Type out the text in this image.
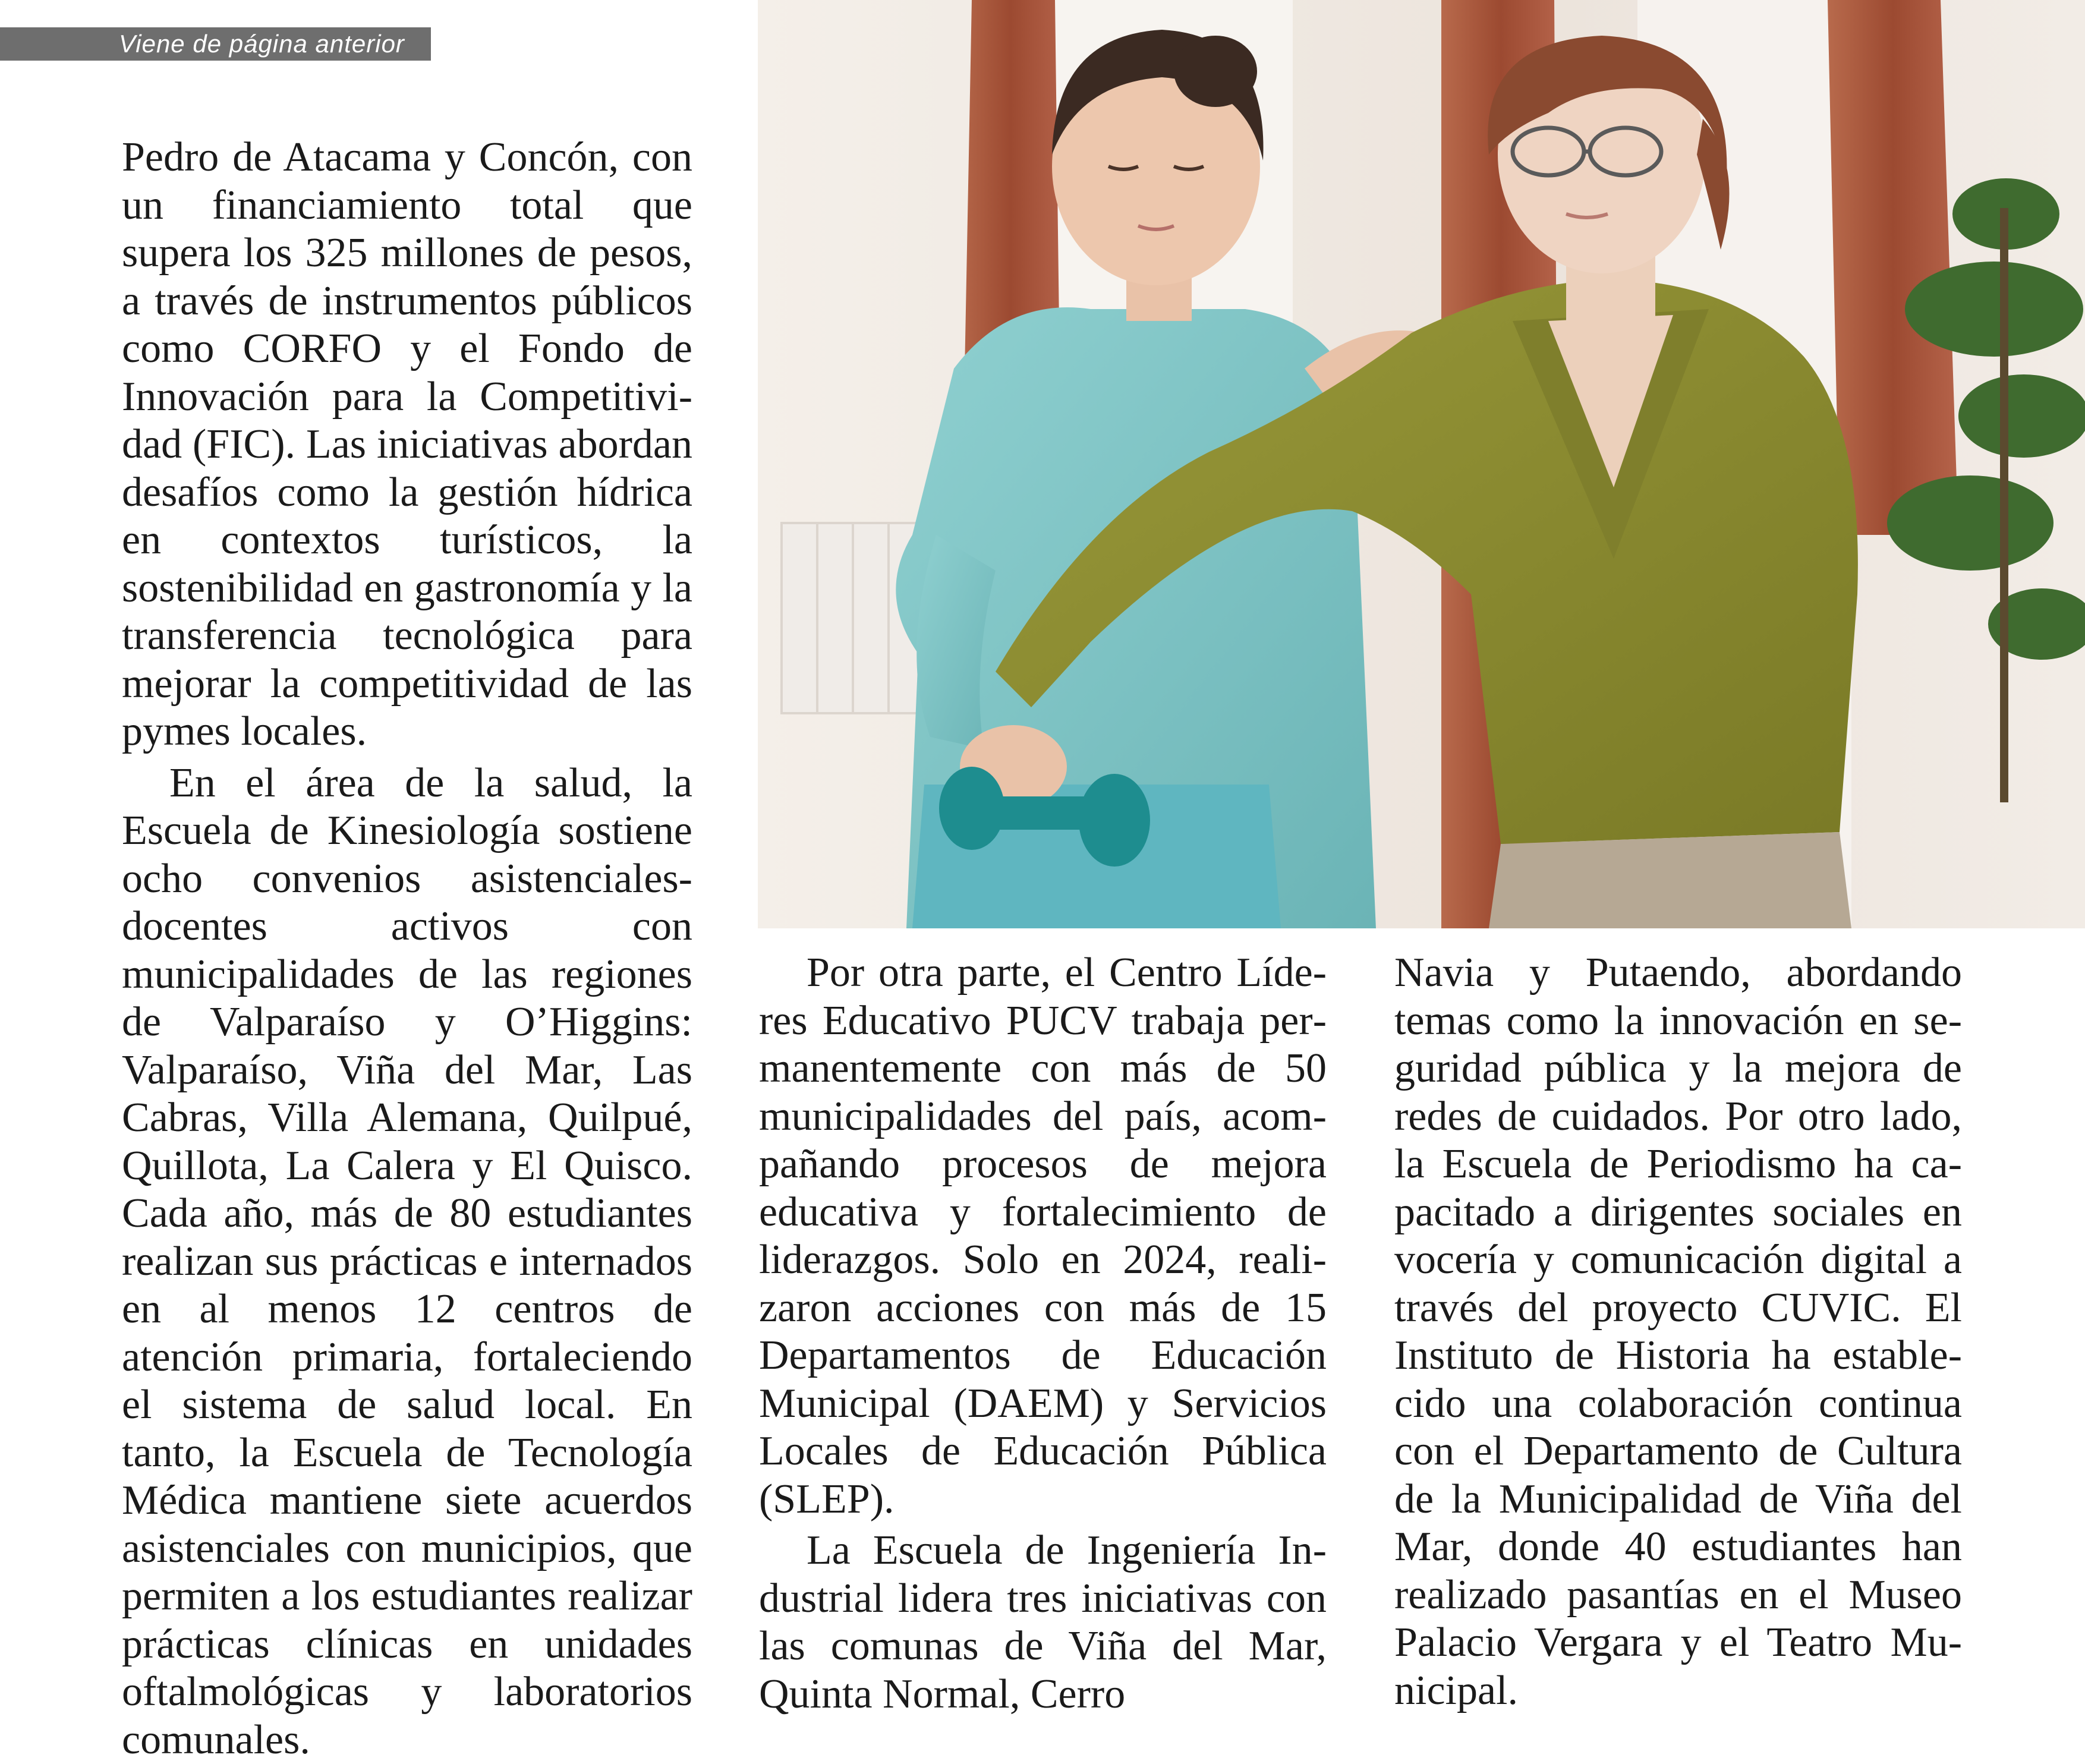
Viene de página anterior

Pedro de Atacama y Concón, con un financiamiento total que supera los 325 millones de pesos, a través de instrumentos públicos como CORFO y el Fondo de Innovación para la Competitividad (FIC). Las iniciativas abordan desafíos como la gestión hídrica en contextos turísticos, la sostenibilidad en gastronomía y la transferencia tecnológica para mejorar la competitividad de las pymes locales.

En el área de la salud, la Escuela de Kinesiología sostiene ocho convenios asistenciales-docentes activos con municipalidades de las regiones de Valparaíso y O’Higgins: Valparaíso, Viña del Mar, Las Cabras, Villa Alemana, Quilpué, Quillota, La Calera y El Quisco. Cada año, más de 80 estudiantes realizan sus prácticas e internados en al menos 12 centros de atención primaria, fortaleciendo el sistema de salud local. En tanto, la Escuela de Tecnología Médica mantiene siete acuerdos asistenciales con municipios, que permiten a los estudiantes realizar prácticas clínicas en unidades oftalmológicas y laboratorios comunales.

Por otra parte, el Centro Líderes Educativo PUCV trabaja permanentemente con más de 50 municipalidades del país, acompañando procesos de mejora educativa y fortalecimiento de liderazgos. Solo en 2024, realizaron acciones con más de 15 Departamentos de Educación Municipal (DAEM) y Servicios Locales de Educación Pública (SLEP).

La Escuela de Ingeniería Industrial lidera tres iniciativas con las comunas de Viña del Mar, Quinta Normal, Cerro

Navia y Putaendo, abordando temas como la innovación en seguridad pública y la mejora de redes de cuidados. Por otro lado, la Escuela de Periodismo ha capacitado a dirigentes sociales en vocería y comunicación digital a través del proyecto CUVIC. El Instituto de Historia ha establecido una colaboración continua con el Departamento de Cultura de la Municipalidad de Viña del Mar, donde 40 estudiantes han realizado pasantías en el Museo Palacio Vergara y el Teatro Municipal.
